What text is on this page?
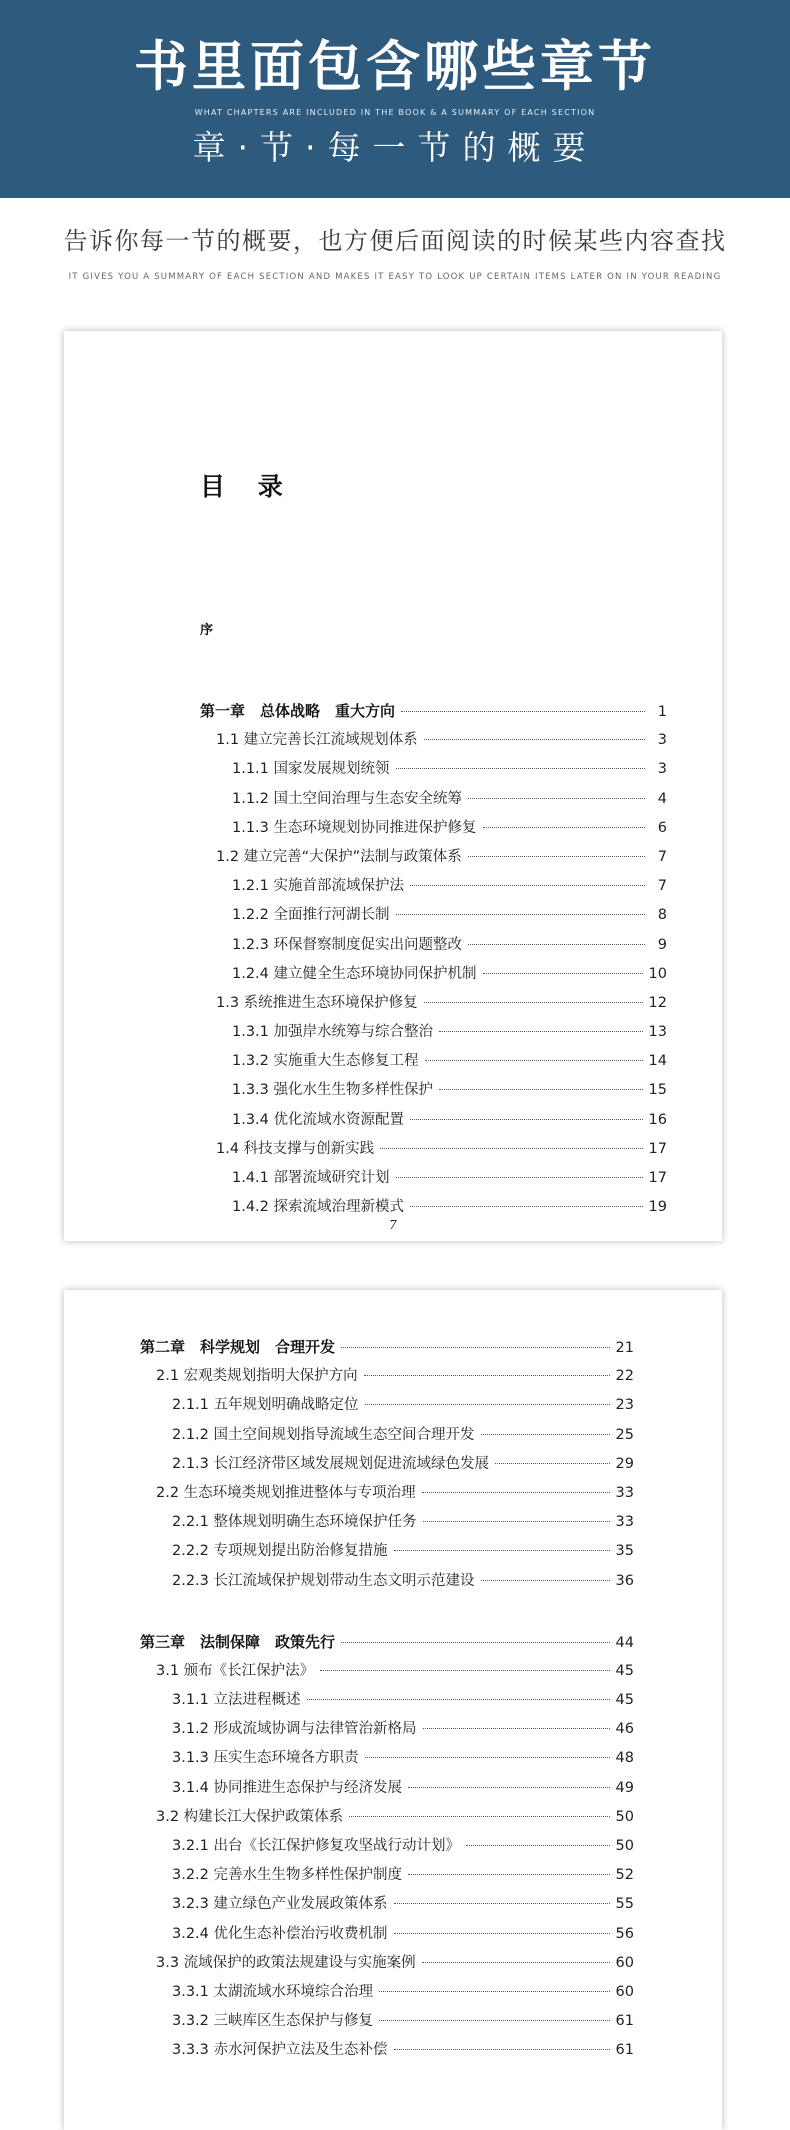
书里面包含哪些章节
WHAT CHAPTERS ARE INCLUDED IN THE BOOK & A SUMMARY OF EACH SECTION
章·节·每一节的概要
告诉你每一节的概要，也方便后面阅读的时候某些内容查找
IT GIVES YOU A SUMMARY OF EACH SECTION AND MAKES IT EASY TO LOOK UP CERTAIN ITEMS LATER ON IN YOUR READING
目 录
序
第一章　总体战略　重大方向	1
1.1 建立完善长江流域规划体系	3
1.1.1 国家发展规划统领	3
1.1.2 国土空间治理与生态安全统筹	4
1.1.3 生态环境规划协同推进保护修复	6
1.2 建立完善“大保护”法制与政策体系	7
1.2.1 实施首部流域保护法	7
1.2.2 全面推行河湖长制	8
1.2.3 环保督察制度促实出问题整改	9
1.2.4 建立健全生态环境协同保护机制	10
1.3 系统推进生态环境保护修复	12
1.3.1 加强岸水统筹与综合整治	13
1.3.2 实施重大生态修复工程	14
1.3.3 强化水生生物多样性保护	15
1.3.4 优化流域水资源配置	16
1.4 科技支撑与创新实践	17
1.4.1 部署流域研究计划	17
1.4.2 探索流域治理新模式	19
7
第二章　科学规划　合理开发	21
2.1 宏观类规划指明大保护方向	22
2.1.1 五年规划明确战略定位	23
2.1.2 国土空间规划指导流域生态空间合理开发	25
2.1.3 长江经济带区域发展规划促进流域绿色发展	29
2.2 生态环境类规划推进整体与专项治理	33
2.2.1 整体规划明确生态环境保护任务	33
2.2.2 专项规划提出防治修复措施	35
2.2.3 长江流域保护规划带动生态文明示范建设	36
第三章　法制保障　政策先行	44
3.1 颁布《长江保护法》	45
3.1.1 立法进程概述	45
3.1.2 形成流域协调与法律管治新格局	46
3.1.3 压实生态环境各方职责	48
3.1.4 协同推进生态保护与经济发展	49
3.2 构建长江大保护政策体系	50
3.2.1 出台《长江保护修复攻坚战行动计划》	50
3.2.2 完善水生生物多样性保护制度	52
3.2.3 建立绿色产业发展政策体系	55
3.2.4 优化生态补偿治污收费机制	56
3.3 流域保护的政策法规建设与实施案例	60
3.3.1 太湖流域水环境综合治理	60
3.3.2 三峡库区生态保护与修复	61
3.3.3 赤水河保护立法及生态补偿	61
